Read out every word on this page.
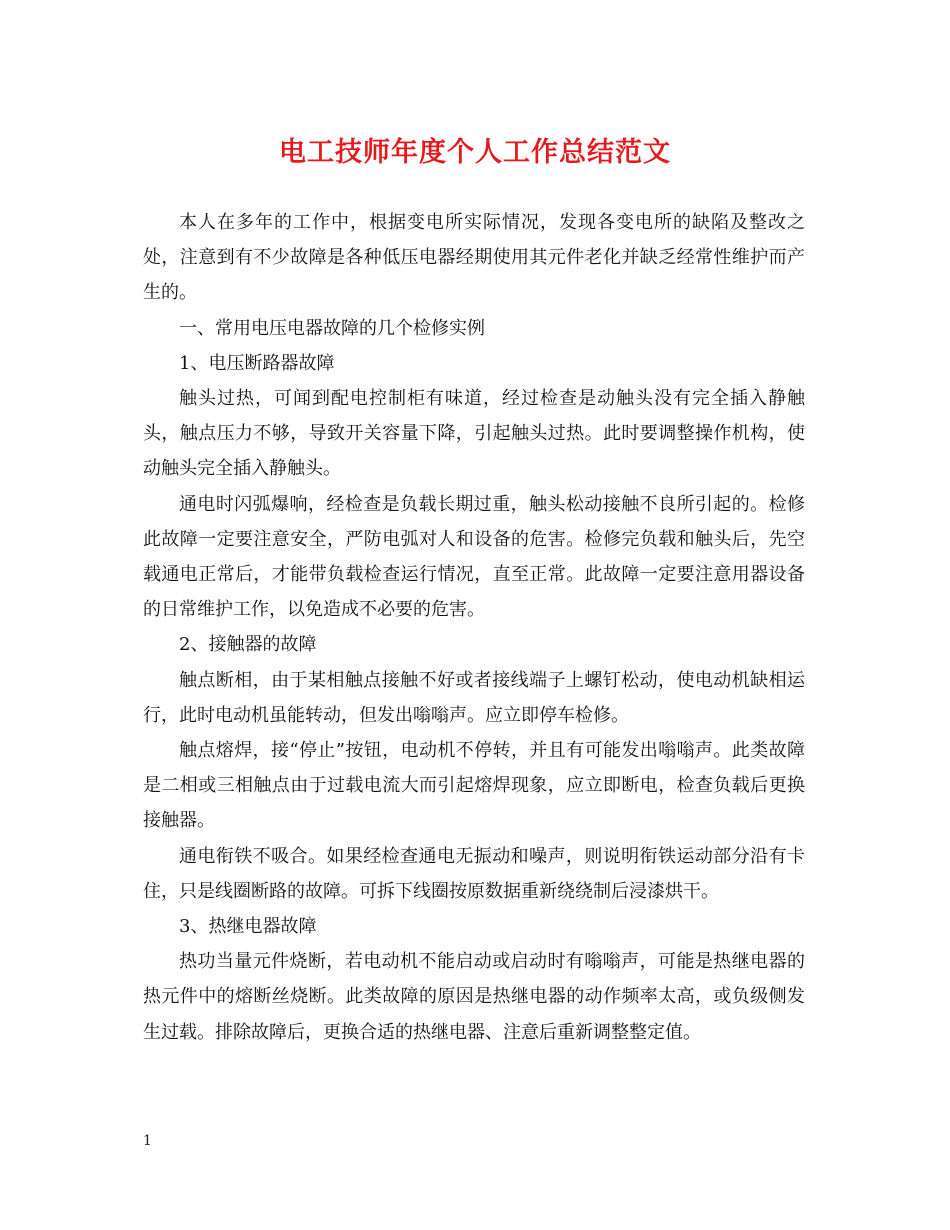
电工技师年度个人工作总结范文

本人在多年的工作中，根据变电所实际情况，发现各变电所的缺陷及整改之处，注意到有不少故障是各种低压电器经期使用其元件老化并缺乏经常性维护而产生的。

一、常用电压电器故障的几个检修实例

1、电压断路器故障

触头过热，可闻到配电控制柜有味道，经过检查是动触头没有完全插入静触头，触点压力不够，导致开关容量下降，引起触头过热。此时要调整操作机构，使动触头完全插入静触头。

通电时闪弧爆响，经检查是负载长期过重，触头松动接触不良所引起的。检修此故障一定要注意安全，严防电弧对人和设备的危害。检修完负载和触头后，先空载通电正常后，才能带负载检查运行情况，直至正常。此故障一定要注意用器设备的日常维护工作，以免造成不必要的危害。

2、接触器的故障

触点断相，由于某相触点接触不好或者接线端子上螺钉松动，使电动机缺相运行，此时电动机虽能转动，但发出嗡嗡声。应立即停车检修。

触点熔焊，接“停止”按钮，电动机不停转，并且有可能发出嗡嗡声。此类故障是二相或三相触点由于过载电流大而引起熔焊现象，应立即断电，检查负载后更换接触器。

通电衔铁不吸合。如果经检查通电无振动和噪声，则说明衔铁运动部分沿有卡住，只是线圈断路的故障。可拆下线圈按原数据重新绕绕制后浸漆烘干。

3、热继电器故障

热功当量元件烧断，若电动机不能启动或启动时有嗡嗡声，可能是热继电器的热元件中的熔断丝烧断。此类故障的原因是热继电器的动作频率太高，或负级侧发生过载。排除故障后，更换合适的热继电器、注意后重新调整整定值。

1
